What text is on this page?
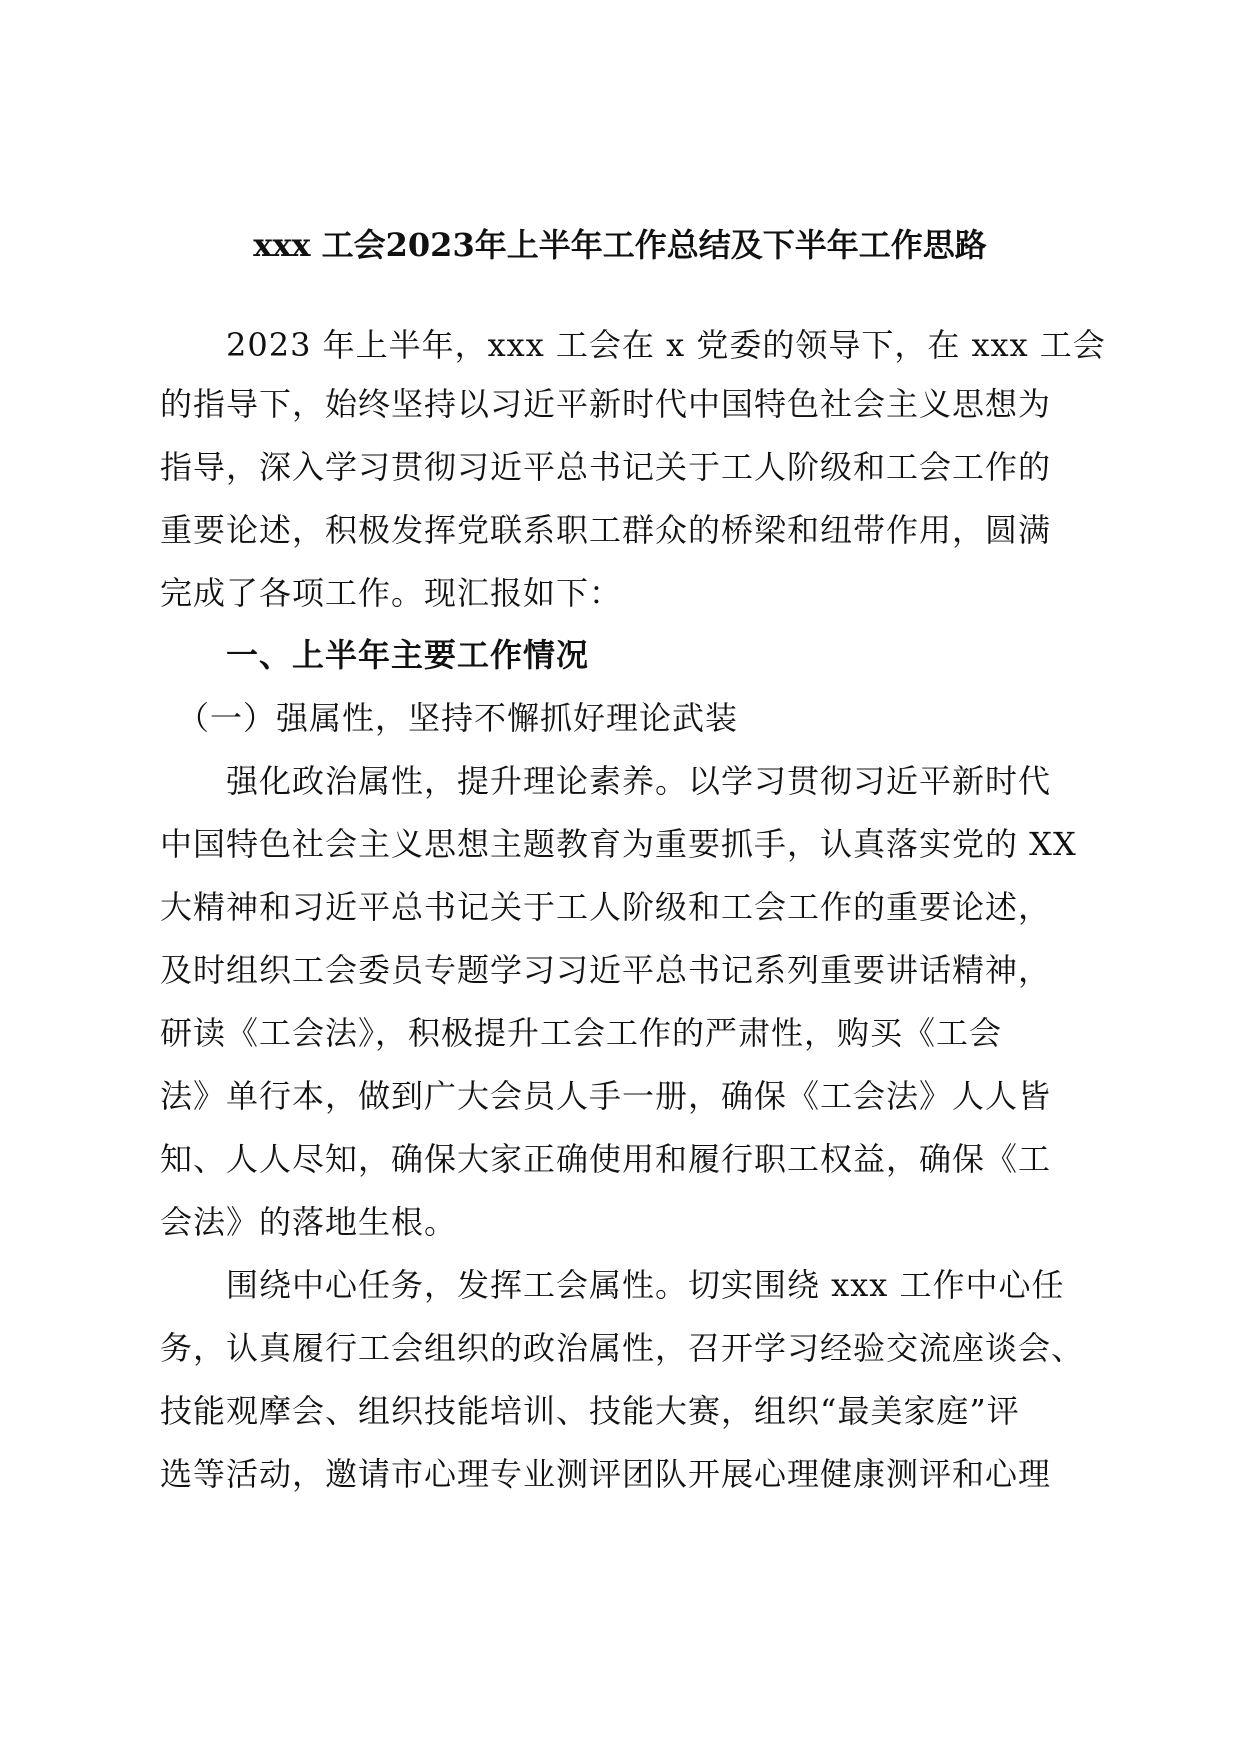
xxx 工会2023年上半年工作总结及下半年工作思路
　　2023 年上半年，xxx 工会在 x 党委的领导下，在 xxx 工会
的指导下，始终坚持以习近平新时代中国特色社会主义思想为
指导，深入学习贯彻习近平总书记关于工人阶级和工会工作的
重要论述，积极发挥党联系职工群众的桥梁和纽带作用，圆满
完成了各项工作。现汇报如下：
　　一、上半年主要工作情况
　（一）强属性，坚持不懈抓好理论武装
　　强化政治属性，提升理论素养。以学习贯彻习近平新时代
中国特色社会主义思想主题教育为重要抓手，认真落实党的 XX
大精神和习近平总书记关于工人阶级和工会工作的重要论述，
及时组织工会委员专题学习习近平总书记系列重要讲话精神，
研读《工会法》，积极提升工会工作的严肃性，购买《工会
法》单行本，做到广大会员人手一册，确保《工会法》人人皆
知、人人尽知，确保大家正确使用和履行职工权益，确保《工
会法》的落地生根。
　　围绕中心任务，发挥工会属性。切实围绕 xxx 工作中心任
务，认真履行工会组织的政治属性，召开学习经验交流座谈会、
技能观摩会、组织技能培训、技能大赛，组织“最美家庭”评
选等活动，邀请市心理专业测评团队开展心理健康测评和心理
